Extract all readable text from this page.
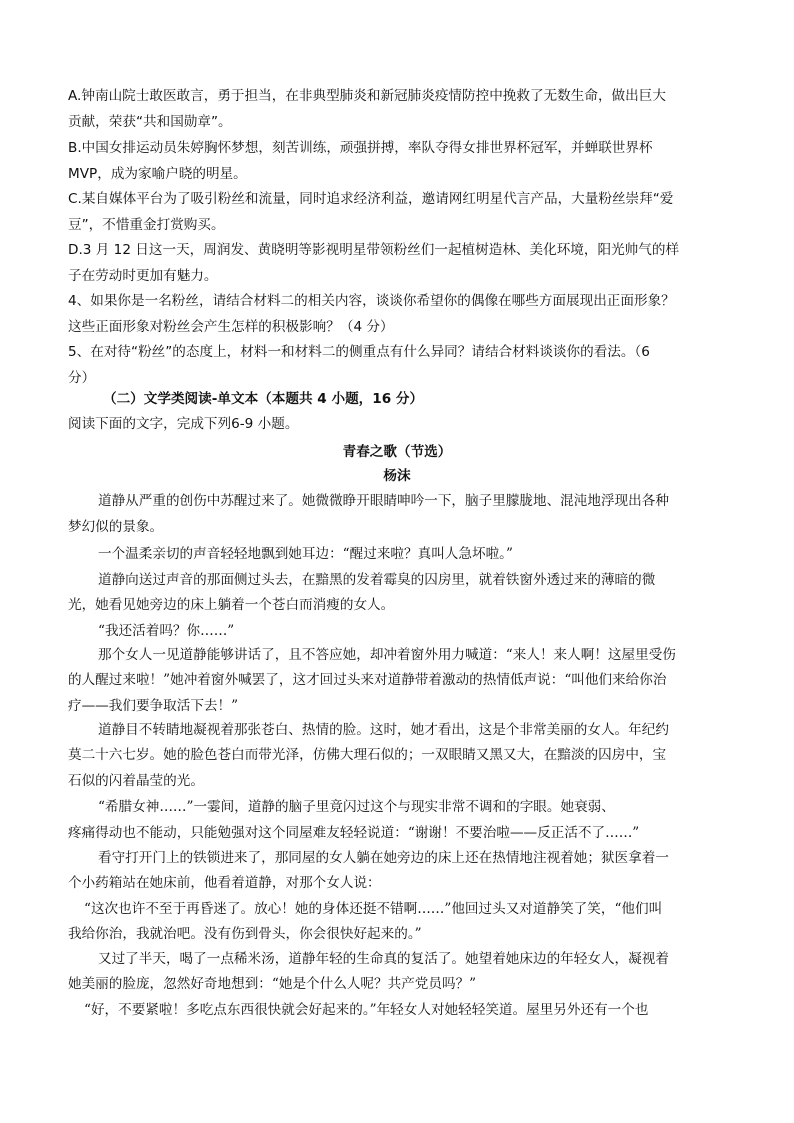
A.钟南山院士敢医敢言，勇于担当，在非典型肺炎和新冠肺炎疫情防控中挽救了无数生命，做出巨大
贡献，荣获“共和国勋章”。
B.中国女排运动员朱婷胸怀梦想，刻苦训练，顽强拼搏，率队夺得女排世界杯冠军，并蝉联世界杯
MVP，成为家喻户晓的明星。
C.某自媒体平台为了吸引粉丝和流量，同时追求经济利益，邀请网红明星代言产品，大量粉丝崇拜“爱
豆”，不惜重金打赏购买。
D.3 月 12 日这一天，周润发、黄晓明等影视明星带领粉丝们一起植树造林、美化环境，阳光帅气的样
子在劳动时更加有魅力。
4、如果你是一名粉丝，请结合材料二的相关内容，谈谈你希望你的偶像在哪些方面展现出正面形象？
这些正面形象对粉丝会产生怎样的积极影响？（4 分）
5、在对待“粉丝”的态度上，材料一和材料二的侧重点有什么异同？请结合材料谈谈你的看法。（6
分）
（二）文学类阅读-单文本（本题共 4 小题，16 分）
阅读下面的文字，完成下列6-9 小题。
青春之歌（节选）
杨沫
道静从严重的创伤中苏醒过来了。她微微睁开眼睛呻吟一下，脑子里朦胧地、混沌地浮现出各种
梦幻似的景象。
一个温柔亲切的声音轻轻地飘到她耳边：“醒过来啦？真叫人急坏啦。”
道静向送过声音的那面侧过头去，在黯黑的发着霉臭的囚房里，就着铁窗外透过来的薄暗的微
光，她看见她旁边的床上躺着一个苍白而消瘦的女人。
“我还活着吗？你……”
那个女人一见道静能够讲话了，且不答应她，却冲着窗外用力喊道：“来人！来人啊！这屋里受伤
的人醒过来啦！”她冲着窗外喊罢了，这才回过头来对道静带着激动的热情低声说：“叫他们来给你治
疗——我们要争取活下去！”
道静目不转睛地凝视着那张苍白、热情的脸。这时，她才看出，这是个非常美丽的女人。年纪约
莫二十六七岁。她的脸色苍白而带光泽，仿佛大理石似的；一双眼睛又黑又大，在黯淡的囚房中，宝
石似的闪着晶莹的光。
“希腊女神……”一霎间，道静的脑子里竟闪过这个与现实非常不调和的字眼。她衰弱、
疼痛得动也不能动，只能勉强对这个同屋难友轻轻说道：“谢谢！不要治啦——反正活不了……”
看守打开门上的铁锁进来了，那同屋的女人躺在她旁边的床上还在热情地注视着她；狱医拿着一
个小药箱站在她床前，他看着道静，对那个女人说：
“这次也许不至于再昏迷了。放心！她的身体还挺不错啊……”他回过头又对道静笑了笑，“他们叫
我给你治，我就治吧。没有伤到骨头，你会很快好起来的。”
又过了半天，喝了一点稀米汤，道静年轻的生命真的复活了。她望着她床边的年轻女人，凝视着
她美丽的脸庞，忽然好奇地想到：“她是个什么人呢？共产党员吗？”
“好，不要紧啦！多吃点东西很快就会好起来的。”年轻女人对她轻轻笑道。屋里另外还有一个也
